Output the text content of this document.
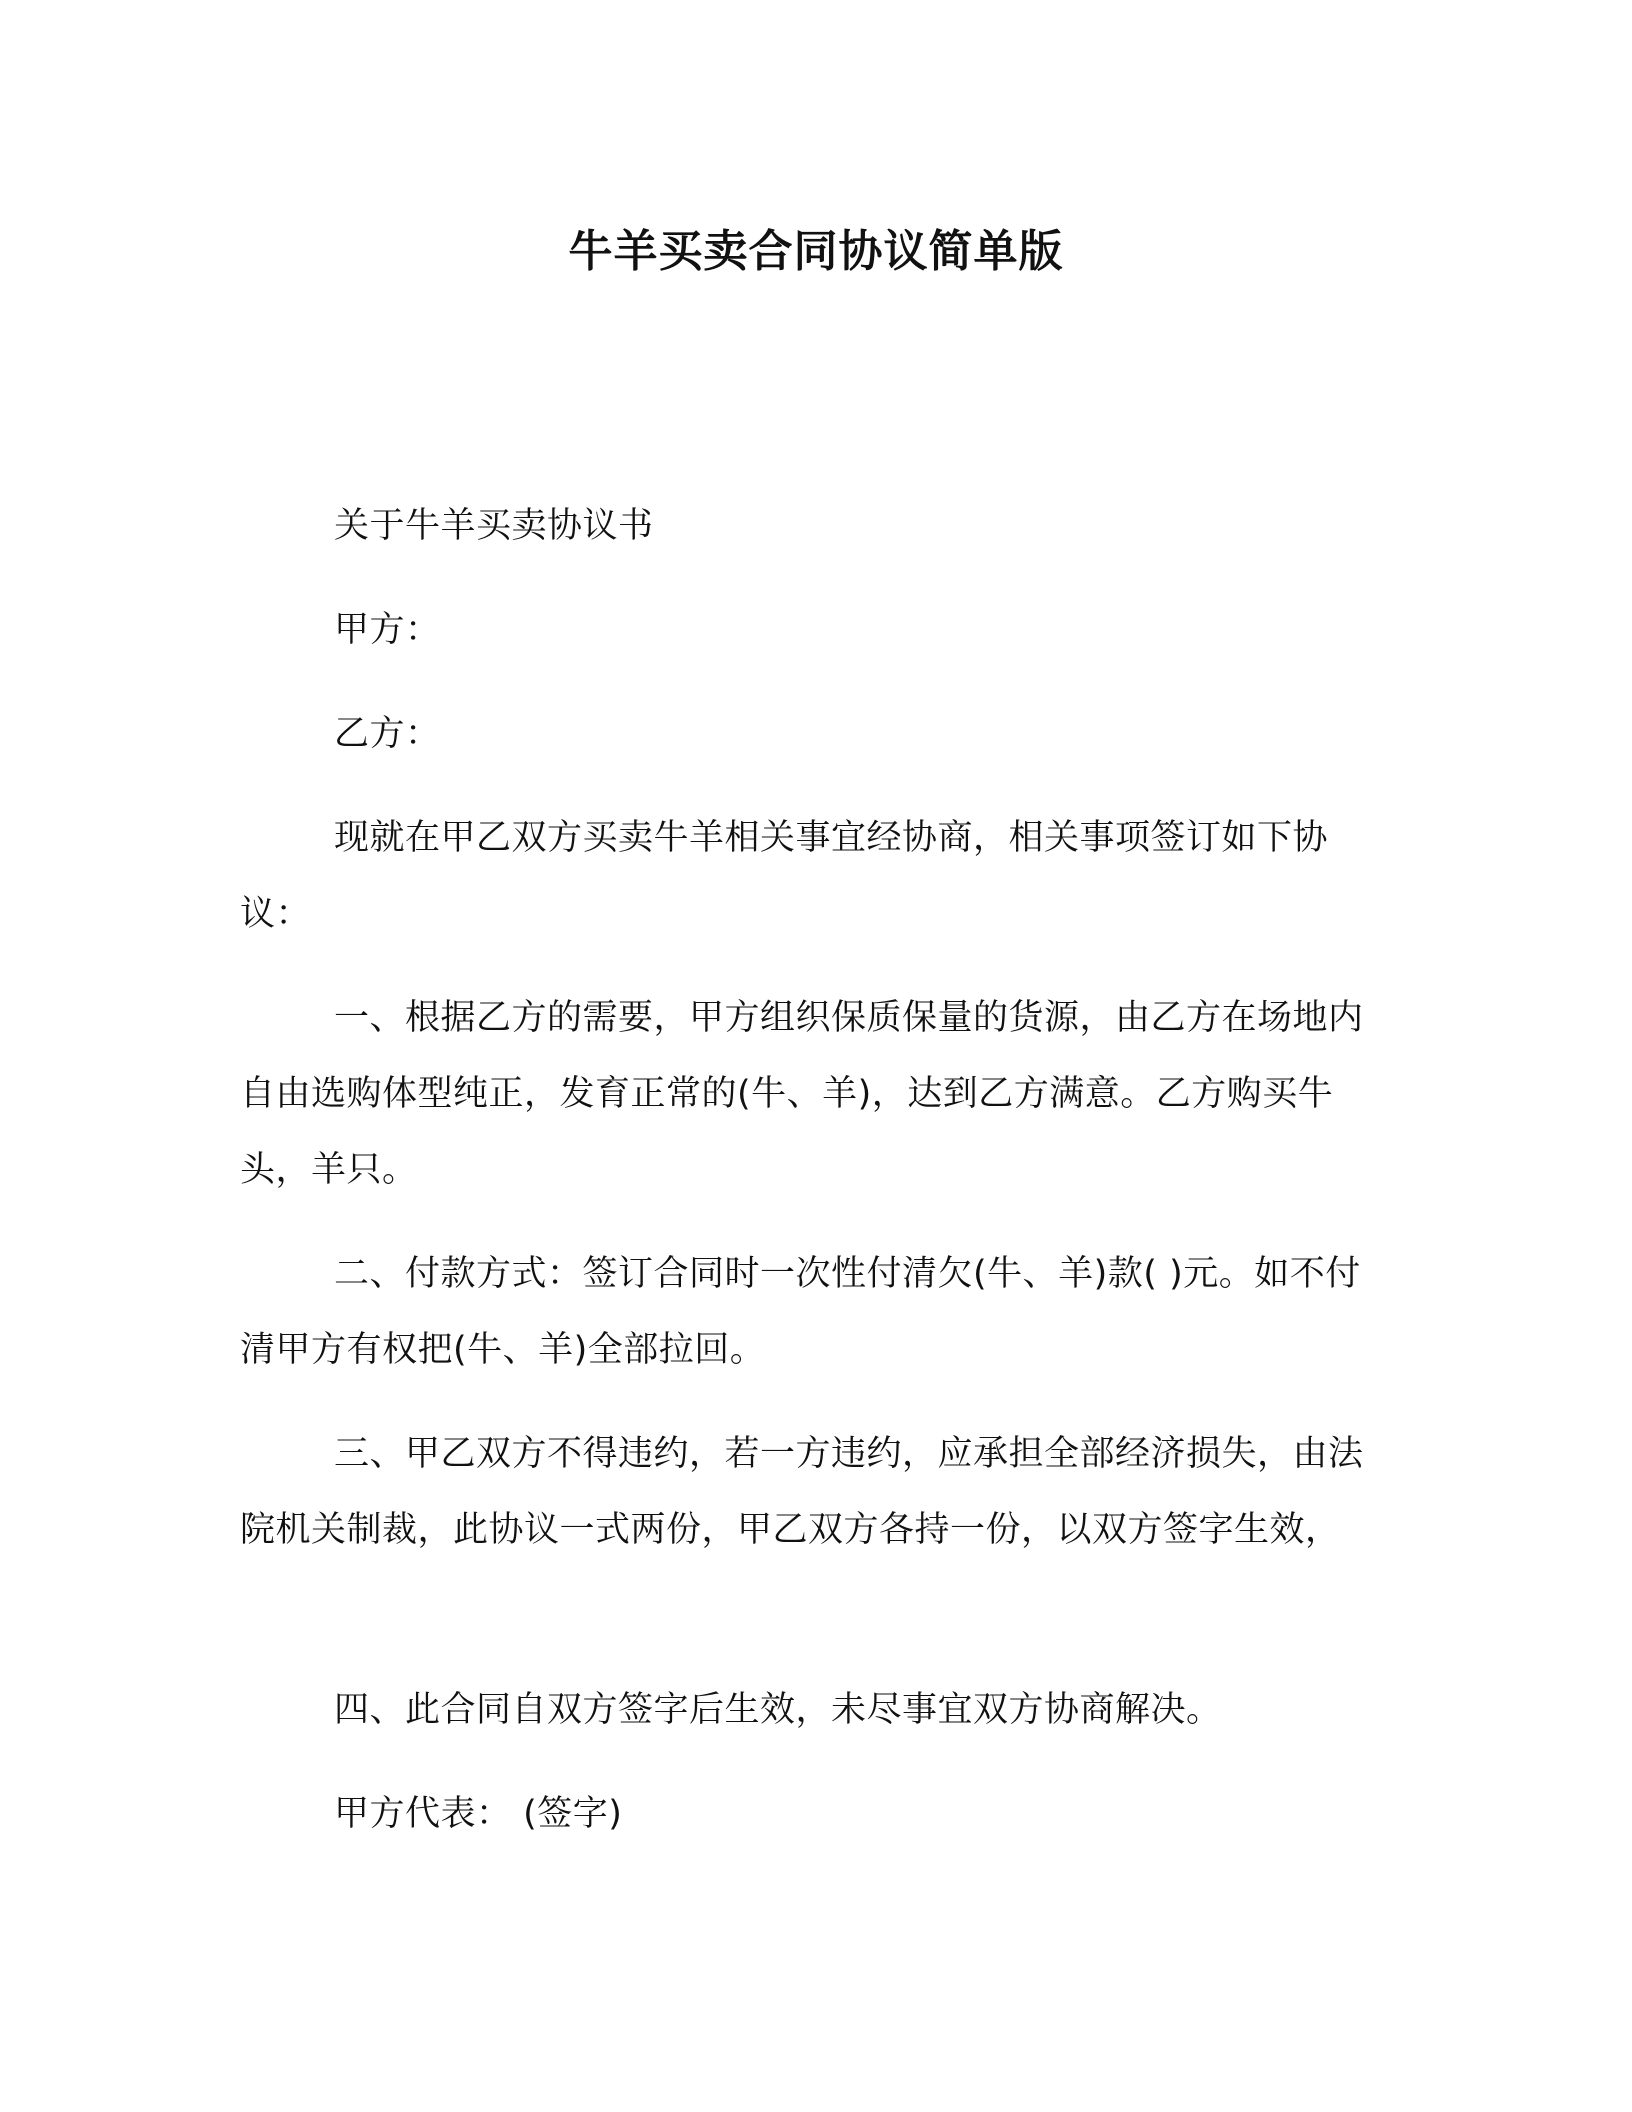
牛羊买卖合同协议简单版

关于牛羊买卖协议书

甲方：

乙方：

现就在甲乙双方买卖牛羊相关事宜经协商，相关事项签订如下协议：

一、根据乙方的需要，甲方组织保质保量的货源，由乙方在场地内自由选购体型纯正，发育正常的(牛、羊)，达到乙方满意。乙方购买牛头，羊只。

二、付款方式：签订合同时一次性付清欠(牛、羊)款( )元。如不付清甲方有权把(牛、羊)全部拉回。

三、甲乙双方不得违约，若一方违约，应承担全部经济损失，由法院机关制裁，此协议一式两份，甲乙双方各持一份，以双方签字生效，

四、此合同自双方签字后生效，未尽事宜双方协商解决。

甲方代表： (签字)
